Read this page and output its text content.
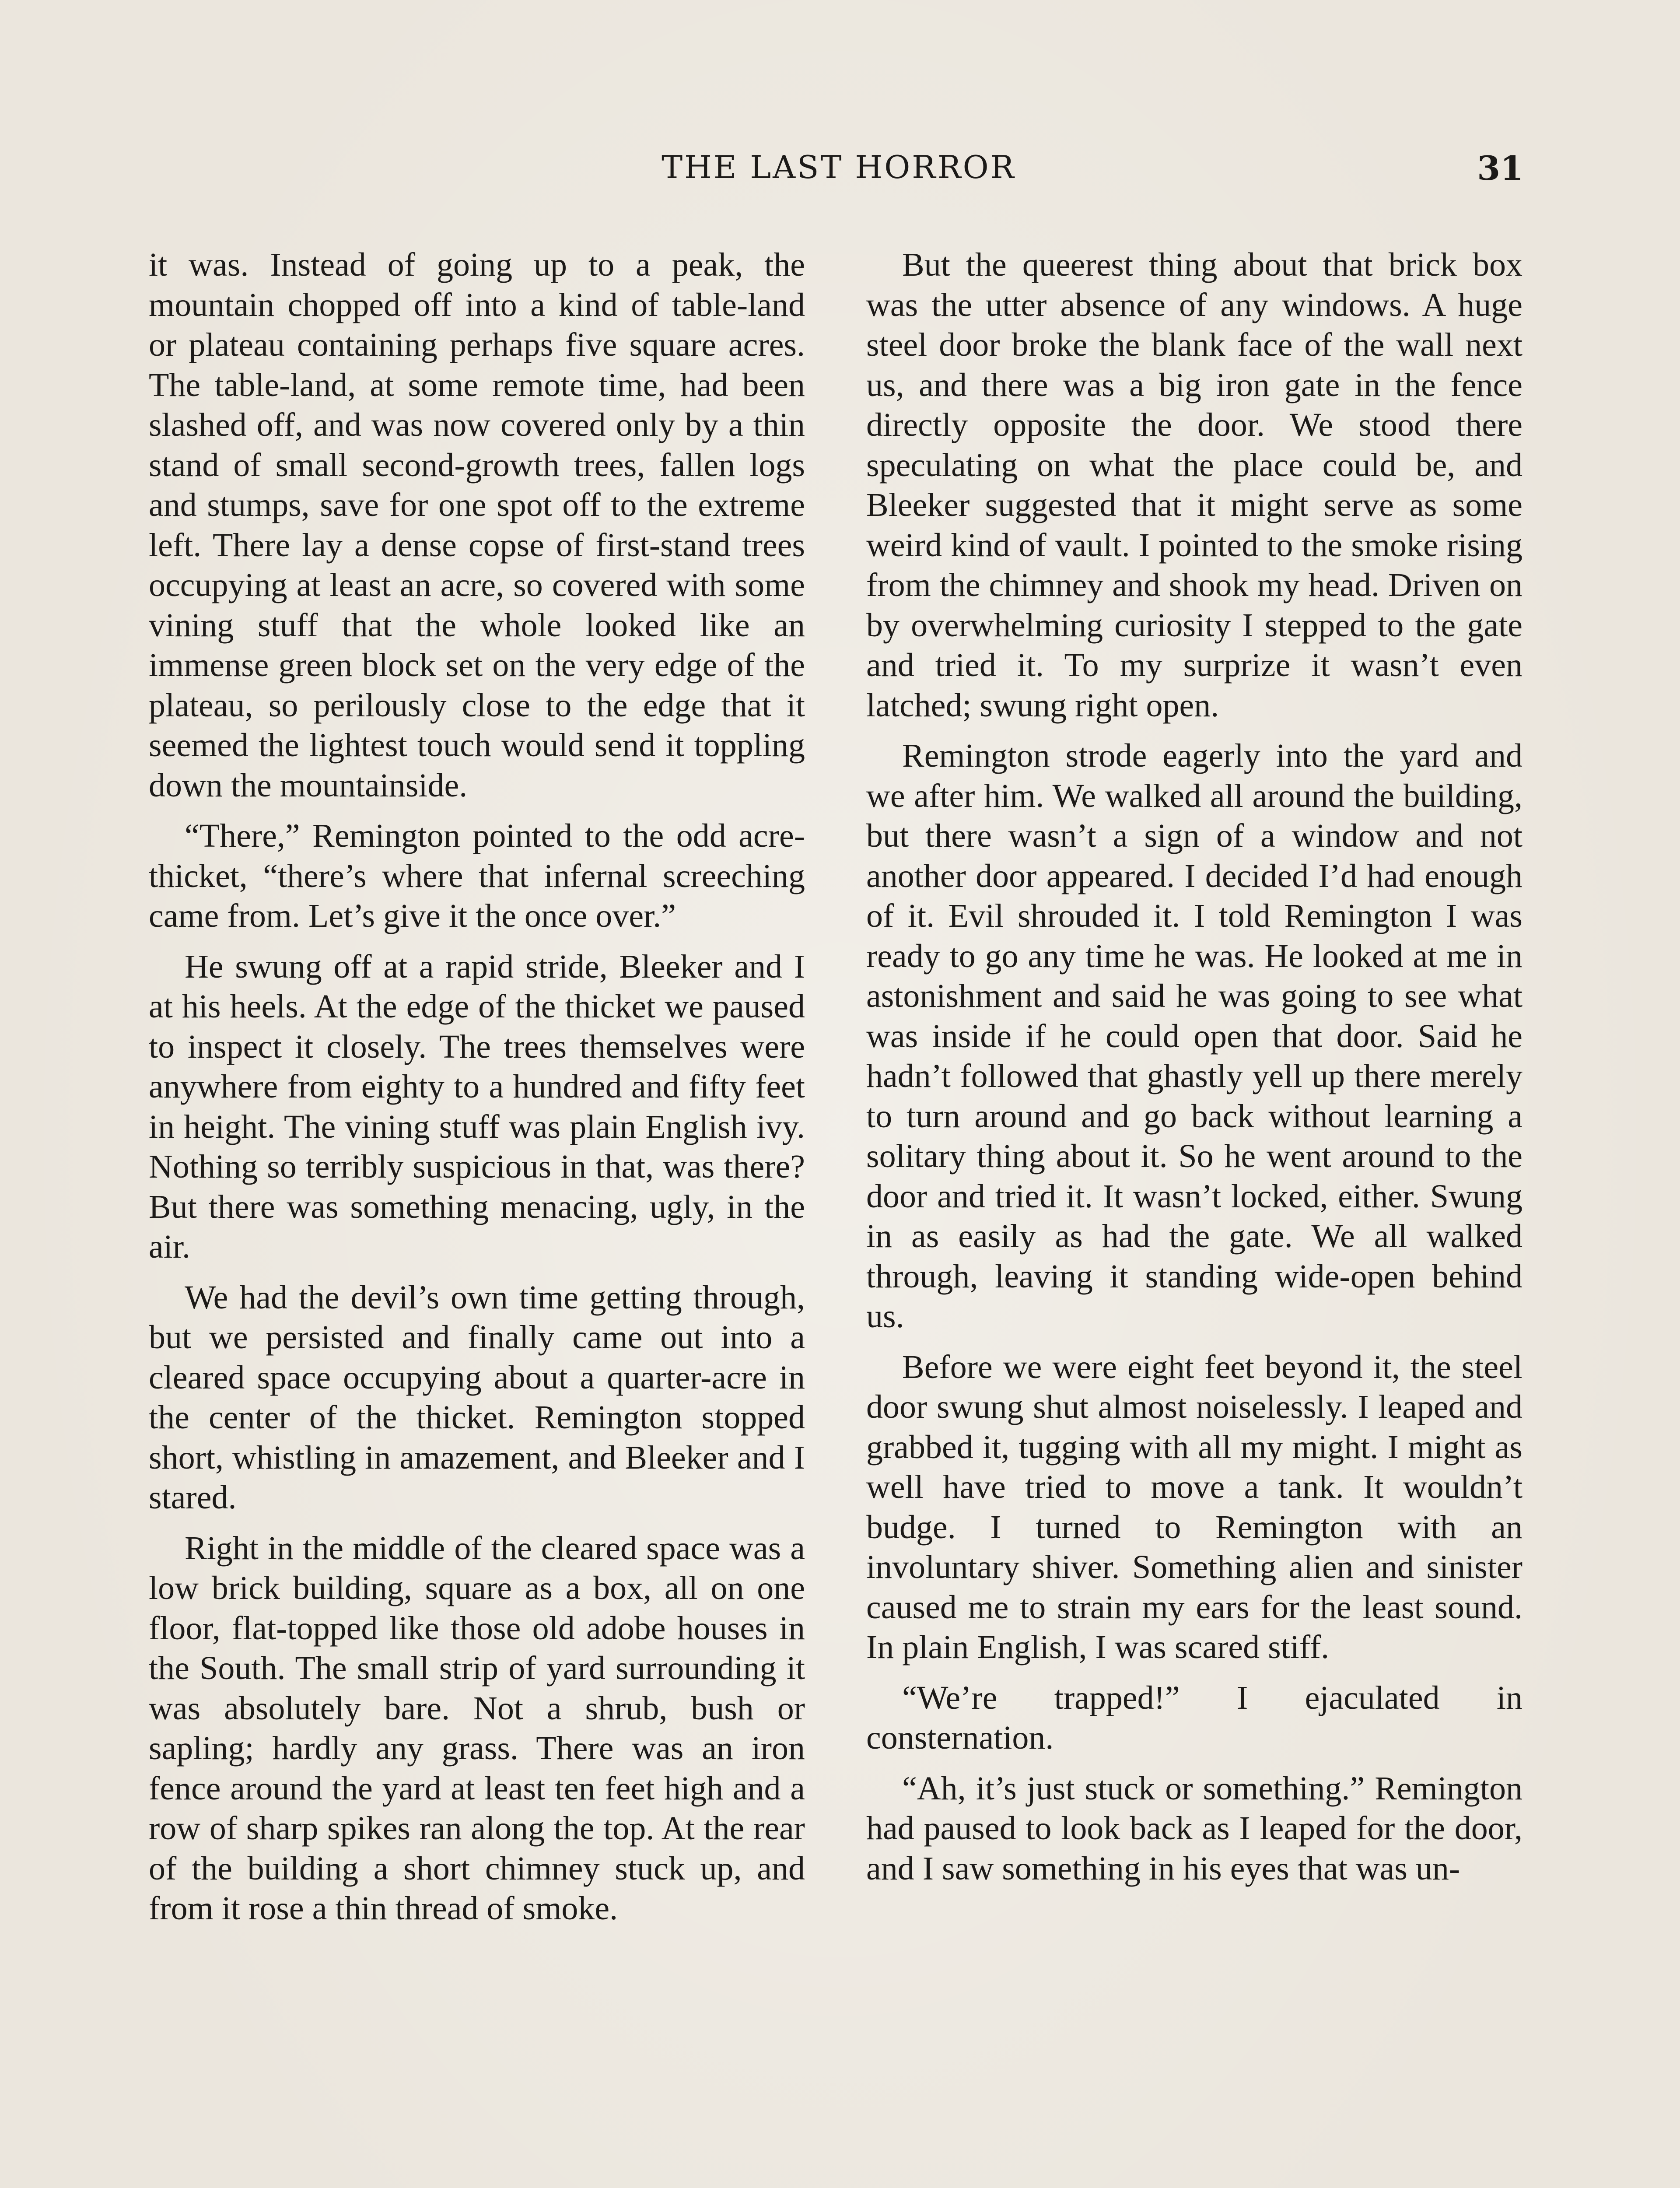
THE LAST HORROR	31

it was. Instead of going up to a peak, the mountain chopped off into a kind of table-land or plateau containing perhaps five square acres. The table-land, at some remote time, had been slashed off, and was now covered only by a thin stand of small second-growth trees, fallen logs and stumps, save for one spot off to the extreme left. There lay a dense copse of first-stand trees occupying at least an acre, so covered with some vining stuff that the whole looked like an immense green block set on the very edge of the plateau, so perilously close to the edge that it seemed the lightest touch would send it toppling down the mountainside.

“There,” Remington pointed to the odd acre-thicket, “there’s where that infernal screeching came from. Let’s give it the once over.”

He swung off at a rapid stride, Bleeker and I at his heels. At the edge of the thicket we paused to inspect it closely. The trees themselves were anywhere from eighty to a hundred and fifty feet in height. The vining stuff was plain English ivy. Nothing so terribly suspicious in that, was there? But there was something menacing, ugly, in the air.

We had the devil’s own time getting through, but we persisted and finally came out into a cleared space occupying about a quarter-acre in the center of the thicket. Remington stopped short, whistling in amazement, and Bleeker and I stared.

Right in the middle of the cleared space was a low brick building, square as a box, all on one floor, flat-topped like those old adobe houses in the South. The small strip of yard surrounding it was absolutely bare. Not a shrub, bush or sapling; hardly any grass. There was an iron fence around the yard at least ten feet high and a row of sharp spikes ran along the top. At the rear of the building a short chimney stuck up, and from it rose a thin thread of smoke.

But the queerest thing about that brick box was the utter absence of any windows. A huge steel door broke the blank face of the wall next us, and there was a big iron gate in the fence directly opposite the door. We stood there speculating on what the place could be, and Bleeker suggested that it might serve as some weird kind of vault. I pointed to the smoke rising from the chimney and shook my head. Driven on by overwhelming curiosity I stepped to the gate and tried it. To my surprize it wasn’t even latched; swung right open.

Remington strode eagerly into the yard and we after him. We walked all around the building, but there wasn’t a sign of a window and not another door appeared. I decided I’d had enough of it. Evil shrouded it. I told Remington I was ready to go any time he was. He looked at me in astonishment and said he was going to see what was inside if he could open that door. Said he hadn’t followed that ghastly yell up there merely to turn around and go back without learning a solitary thing about it. So he went around to the door and tried it. It wasn’t locked, either. Swung in as easily as had the gate. We all walked through, leaving it standing wide-open behind us.

Before we were eight feet beyond it, the steel door swung shut almost noiselessly. I leaped and grabbed it, tugging with all my might. I might as well have tried to move a tank. It wouldn’t budge. I turned to Remington with an involuntary shiver. Something alien and sinister caused me to strain my ears for the least sound. In plain English, I was scared stiff.

“We’re trapped!” I ejaculated in consternation.

“Ah, it’s just stuck or something.” Remington had paused to look back as I leaped for the door, and I saw something in his eyes that was un-
